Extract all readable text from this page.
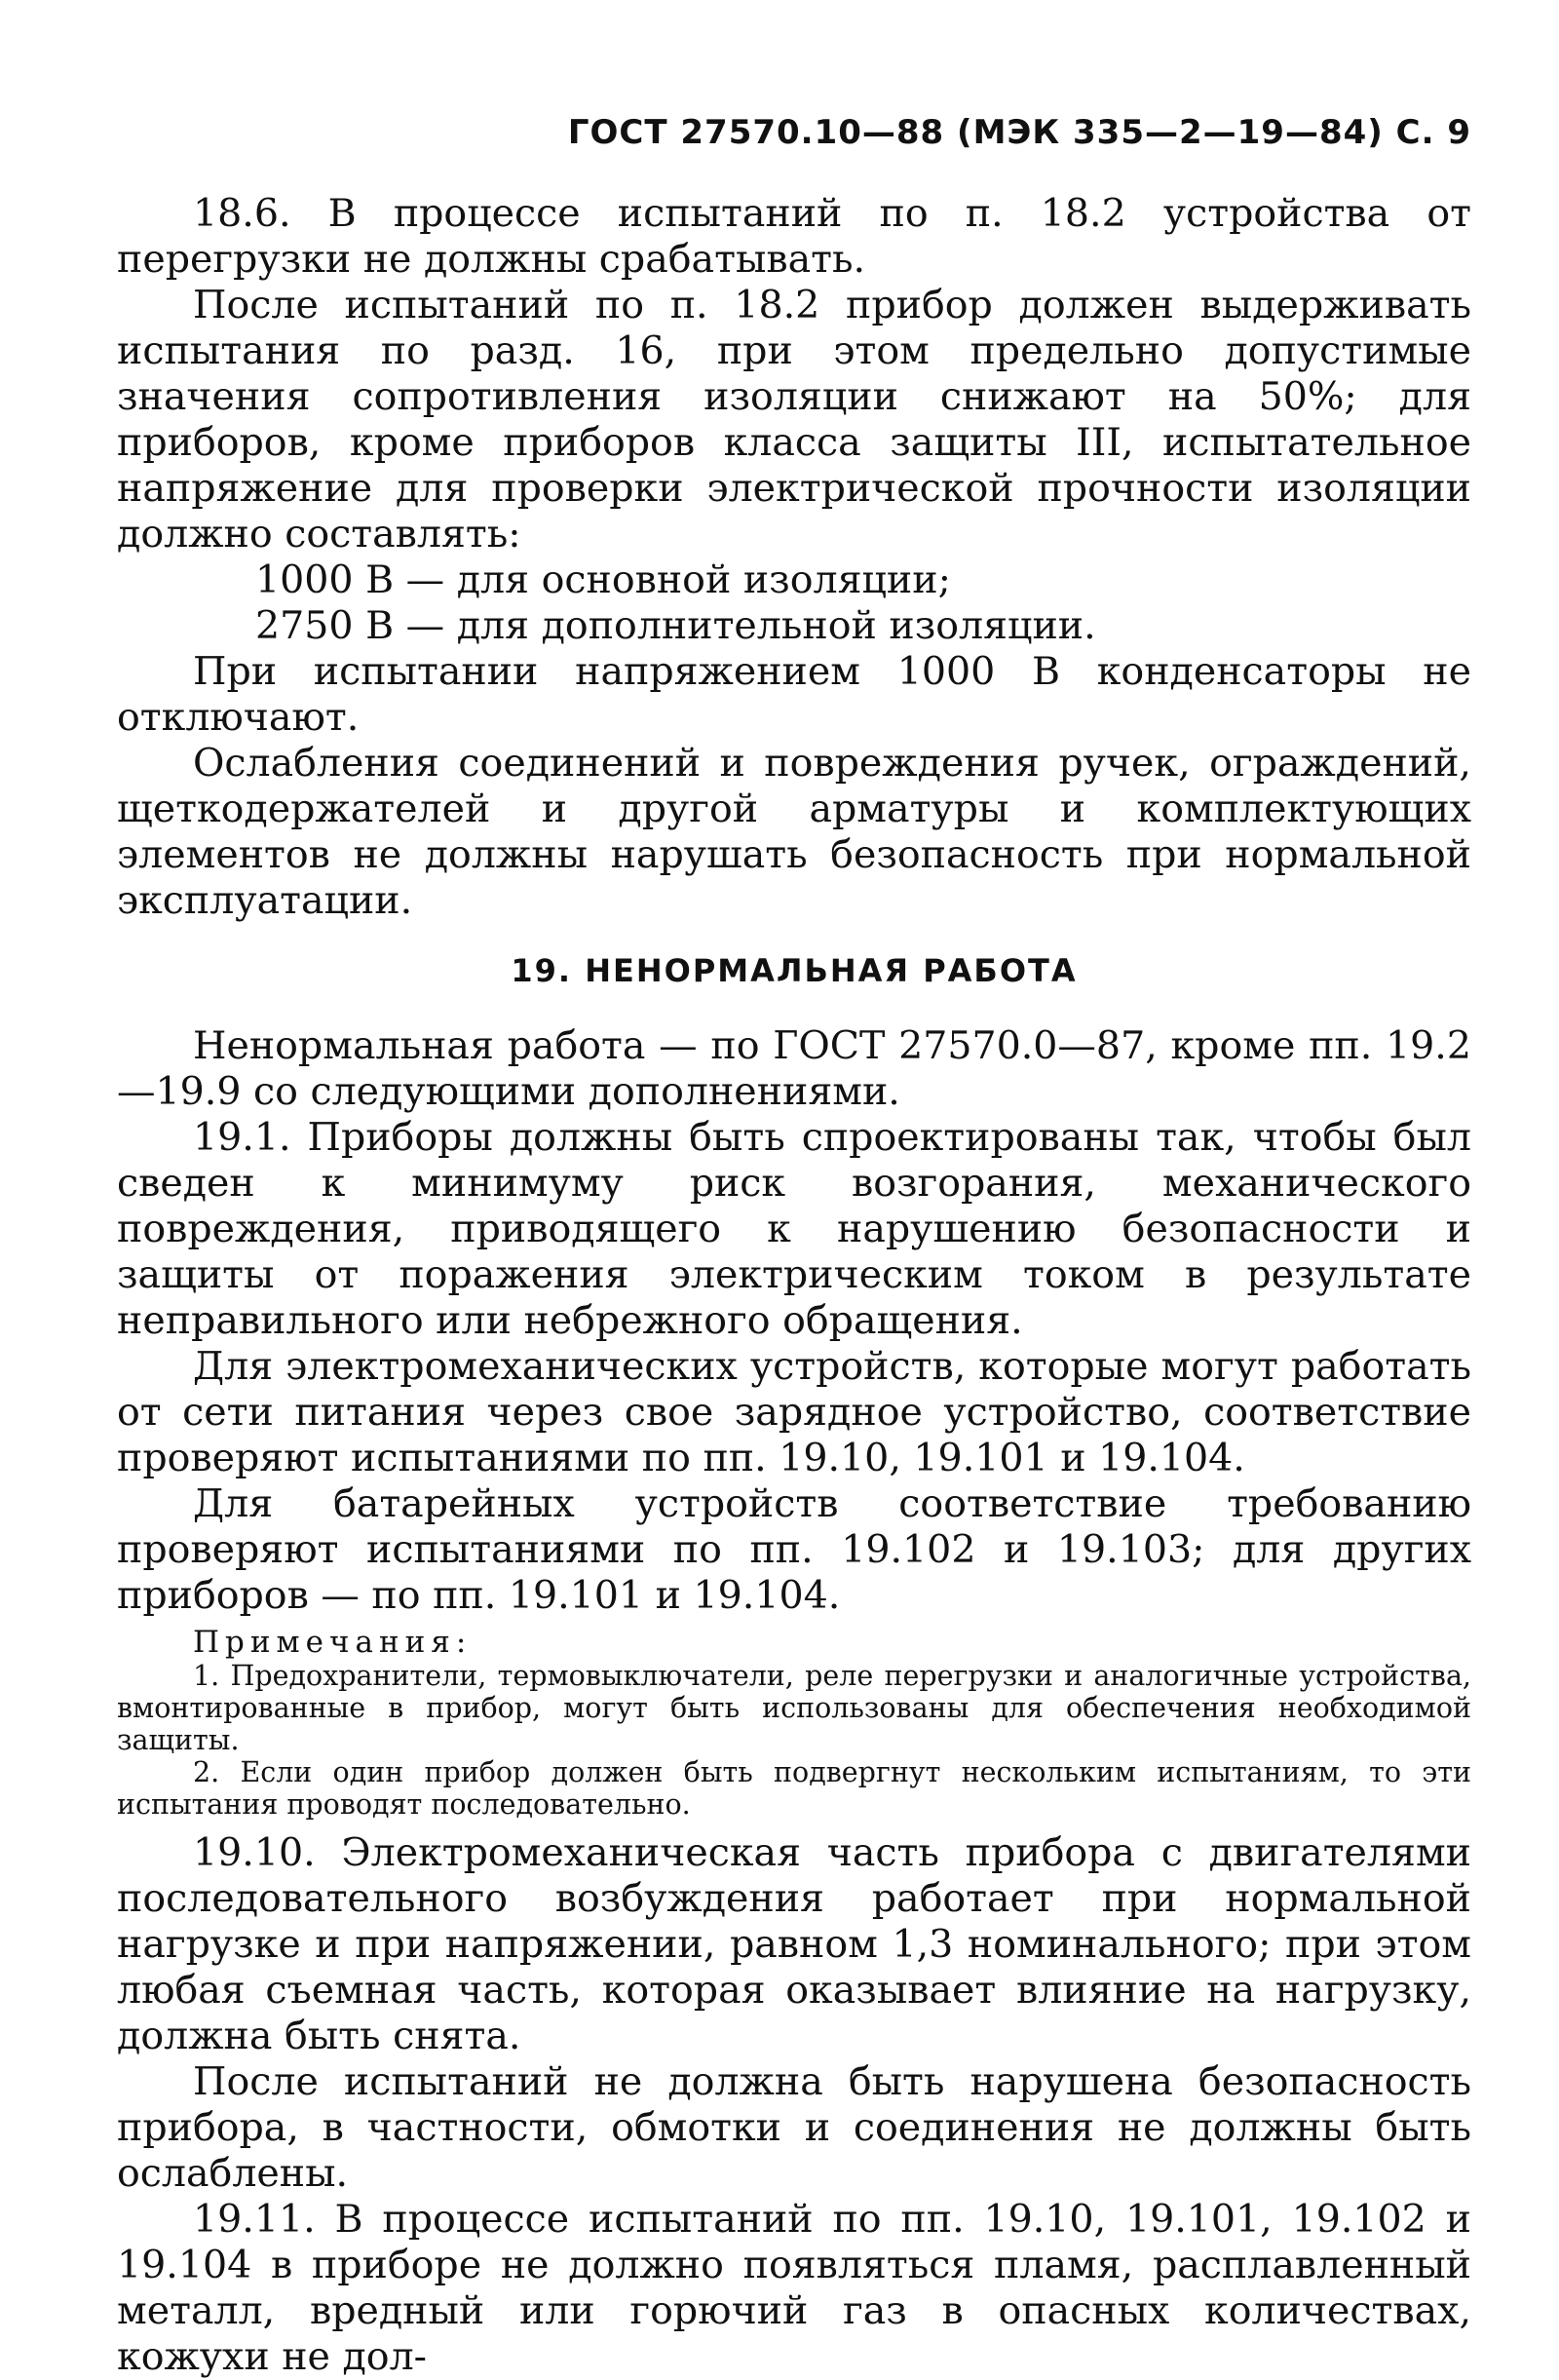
ГОСТ 27570.10—88 (МЭК 335—2—19—84) С. 9

18.6. В процессе испытаний по п. 18.2 устройства от перегрузки не должны срабатывать.

После испытаний по п. 18.2 прибор должен выдерживать испытания по разд. 16, при этом предельно допустимые значения сопротивления изоляции снижают на 50%; для приборов, кроме приборов класса защиты III, испытательное напряжение для проверки электрической прочности изоляции должно составлять:

1000 В — для основной изоляции;

2750 В — для дополнительной изоляции.

При испытании напряжением 1000 В конденсаторы не отключают.

Ослабления соединений и повреждения ручек, ограждений, щеткодержателей и другой арматуры и комплектующих элементов не должны нарушать безопасность при нормальной эксплуатации.

19. НЕНОРМАЛЬНАЯ РАБОТА

Ненормальная работа — по ГОСТ 27570.0—87, кроме пп. 19.2—19.9 со следующими дополнениями.

19.1. Приборы должны быть спроектированы так, чтобы был сведен к минимуму риск возгорания, механического повреждения, приводящего к нарушению безопасности и защиты от поражения электрическим током в результате неправильного или небрежного обращения.

Для электромеханических устройств, которые могут работать от сети питания через свое зарядное устройство, соответствие проверяют испытаниями по пп. 19.10, 19.101 и 19.104.

Для батарейных устройств соответствие требованию проверяют испытаниями по пп. 19.102 и 19.103; для других приборов — по пп. 19.101 и 19.104.

Примечания:

1. Предохранители, термовыключатели, реле перегрузки и аналогичные устройства, вмонтированные в прибор, могут быть использованы для обеспечения необходимой защиты.

2. Если один прибор должен быть подвергнут нескольким испытаниям, то эти испытания проводят последовательно.

19.10. Электромеханическая часть прибора с двигателями последовательного возбуждения работает при нормальной нагрузке и при напряжении, равном 1,3 номинального; при этом любая съемная часть, которая оказывает влияние на нагрузку, должна быть снята.

После испытаний не должна быть нарушена безопасность прибора, в частности, обмотки и соединения не должны быть ослаблены.

19.11. В процессе испытаний по пп. 19.10, 19.101, 19.102 и 19.104 в приборе не должно появляться пламя, расплавленный металл, вредный или горючий газ в опасных количествах, кожухи не дол-
